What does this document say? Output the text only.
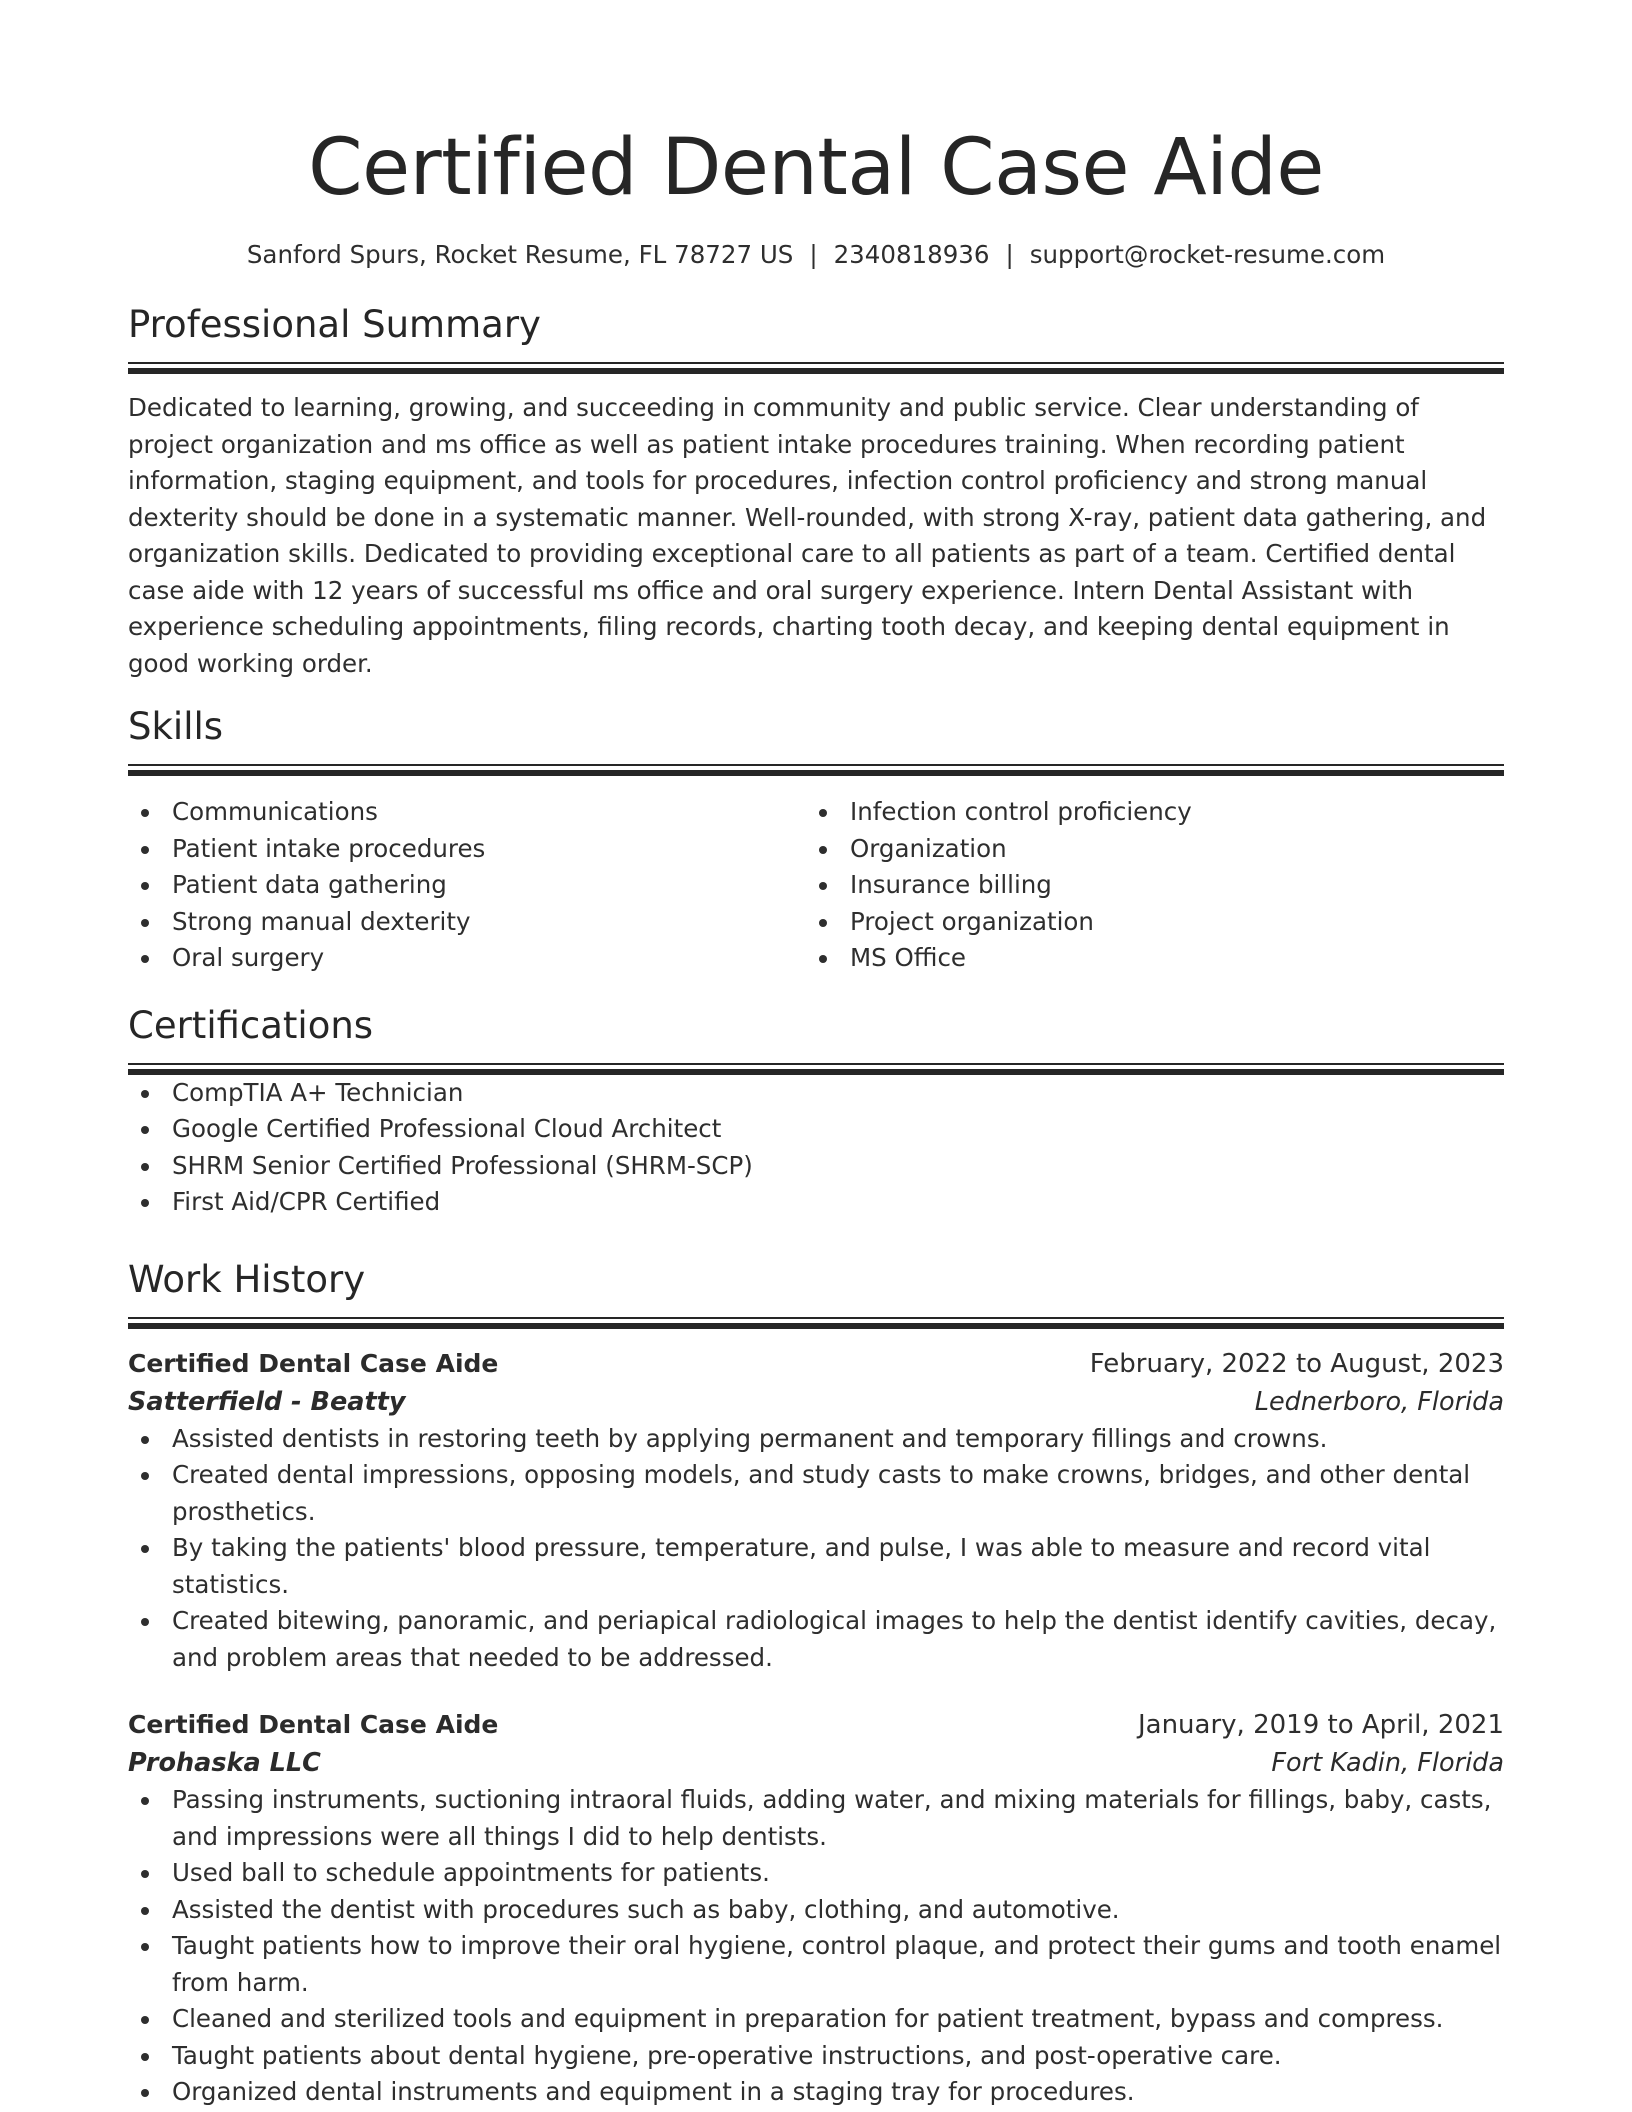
Certified Dental Case Aide
Sanford Spurs, Rocket Resume, FL 78727 US | 2340818936 | support@rocket-resume.com
Professional Summary

Dedicated to learning, growing, and succeeding in community and public service. Clear understanding of project organization and ms office as well as patient intake procedures training. When recording patient information, staging equipment, and tools for procedures, infection control proficiency and strong manual dexterity should be done in a systematic manner. Well-rounded, with strong X-ray, patient data gathering, and organization skills. Dedicated to providing exceptional care to all patients as part of a team. Certified dental case aide with 12 years of successful ms office and oral surgery experience. Intern Dental Assistant with experience scheduling appointments, filing records, charting tooth decay, and keeping dental equipment in good working order.

Skills
Communications
Patient intake procedures
Patient data gathering
Strong manual dexterity
Oral surgery
Infection control proficiency
Organization
Insurance billing
Project organization
MS Office
Certifications
CompTIA A+ Technician
Google Certified Professional Cloud Architect
SHRM Senior Certified Professional (SHRM-SCP)
First Aid/CPR Certified
Work History
Certified Dental Case Aide	February, 2022 to August, 2023
Satterfield - Beatty	Lednerboro, Florida
Assisted dentists in restoring teeth by applying permanent and temporary fillings and crowns.
Created dental impressions, opposing models, and study casts to make crowns, bridges, and other dental prosthetics.
By taking the patients' blood pressure, temperature, and pulse, I was able to measure and record vital statistics.
Created bitewing, panoramic, and periapical radiological images to help the dentist identify cavities, decay, and problem areas that needed to be addressed.
Certified Dental Case Aide	January, 2019 to April, 2021
Prohaska LLC	Fort Kadin, Florida
Passing instruments, suctioning intraoral fluids, adding water, and mixing materials for fillings, baby, casts, and impressions were all things I did to help dentists.
Used ball to schedule appointments for patients.
Assisted the dentist with procedures such as baby, clothing, and automotive.
Taught patients how to improve their oral hygiene, control plaque, and protect their gums and tooth enamel from harm.
Cleaned and sterilized tools and equipment in preparation for patient treatment, bypass and compress.
Taught patients about dental hygiene, pre-operative instructions, and post-operative care.
Organized dental instruments and equipment in a staging tray for procedures.
